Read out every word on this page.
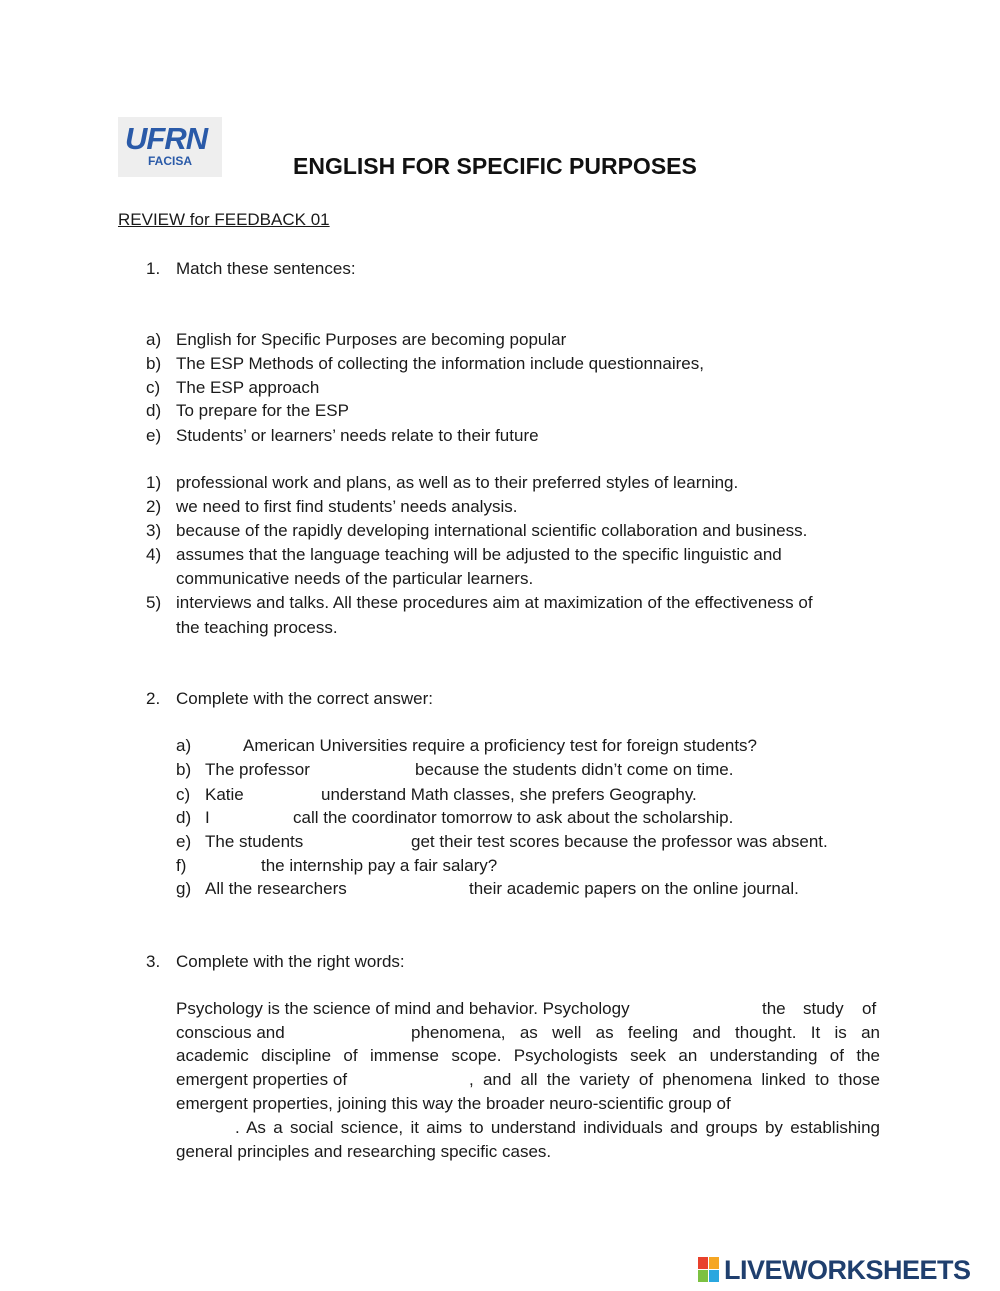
UFRN
FACISA	ENGLISH FOR SPECIFIC PURPOSES
REVIEW for FEEDBACK 01
1. Match these sentences:
a) English for Specific Purposes are becoming popular
b) The ESP Methods of collecting the information include questionnaires,
c) The ESP approach
d) To prepare for the ESP
e) Students’ or learners’ needs relate to their future
1) professional work and plans, as well as to their preferred styles of learning.
2) we need to first find students’ needs analysis.
3) because of the rapidly developing international scientific collaboration and business.
4) assumes that the language teaching will be adjusted to the specific linguistic and
communicative needs of the particular learners.
5) interviews and talks. All these procedures aim at maximization of the effectiveness of
the teaching process.
2. Complete with the correct answer:
a)	American Universities require a proficiency test for foreign students?
b) The professor	because the students didn’t come on time.
c) Katie	understand Math classes, she prefers Geography.
d) I	call the coordinator tomorrow to ask about the scholarship.
e) The students	get their test scores because the professor was absent.
f)	the internship pay a fair salary?
g) All the researchers	their academic papers on the online journal.
3. Complete with the right words:
Psychology is the science of mind and behavior. Psychology	the study of
conscious and	phenomena, as well as feeling and thought. It is an
academic discipline of immense scope. Psychologists seek an understanding of the
emergent properties of	, and all the variety of phenomena linked to those
emergent properties, joining this way the broader neuro-scientific group of
. As a social science, it aims to understand individuals and groups by establishing
general principles and researching specific cases.
LIVEWORKSHEETS
